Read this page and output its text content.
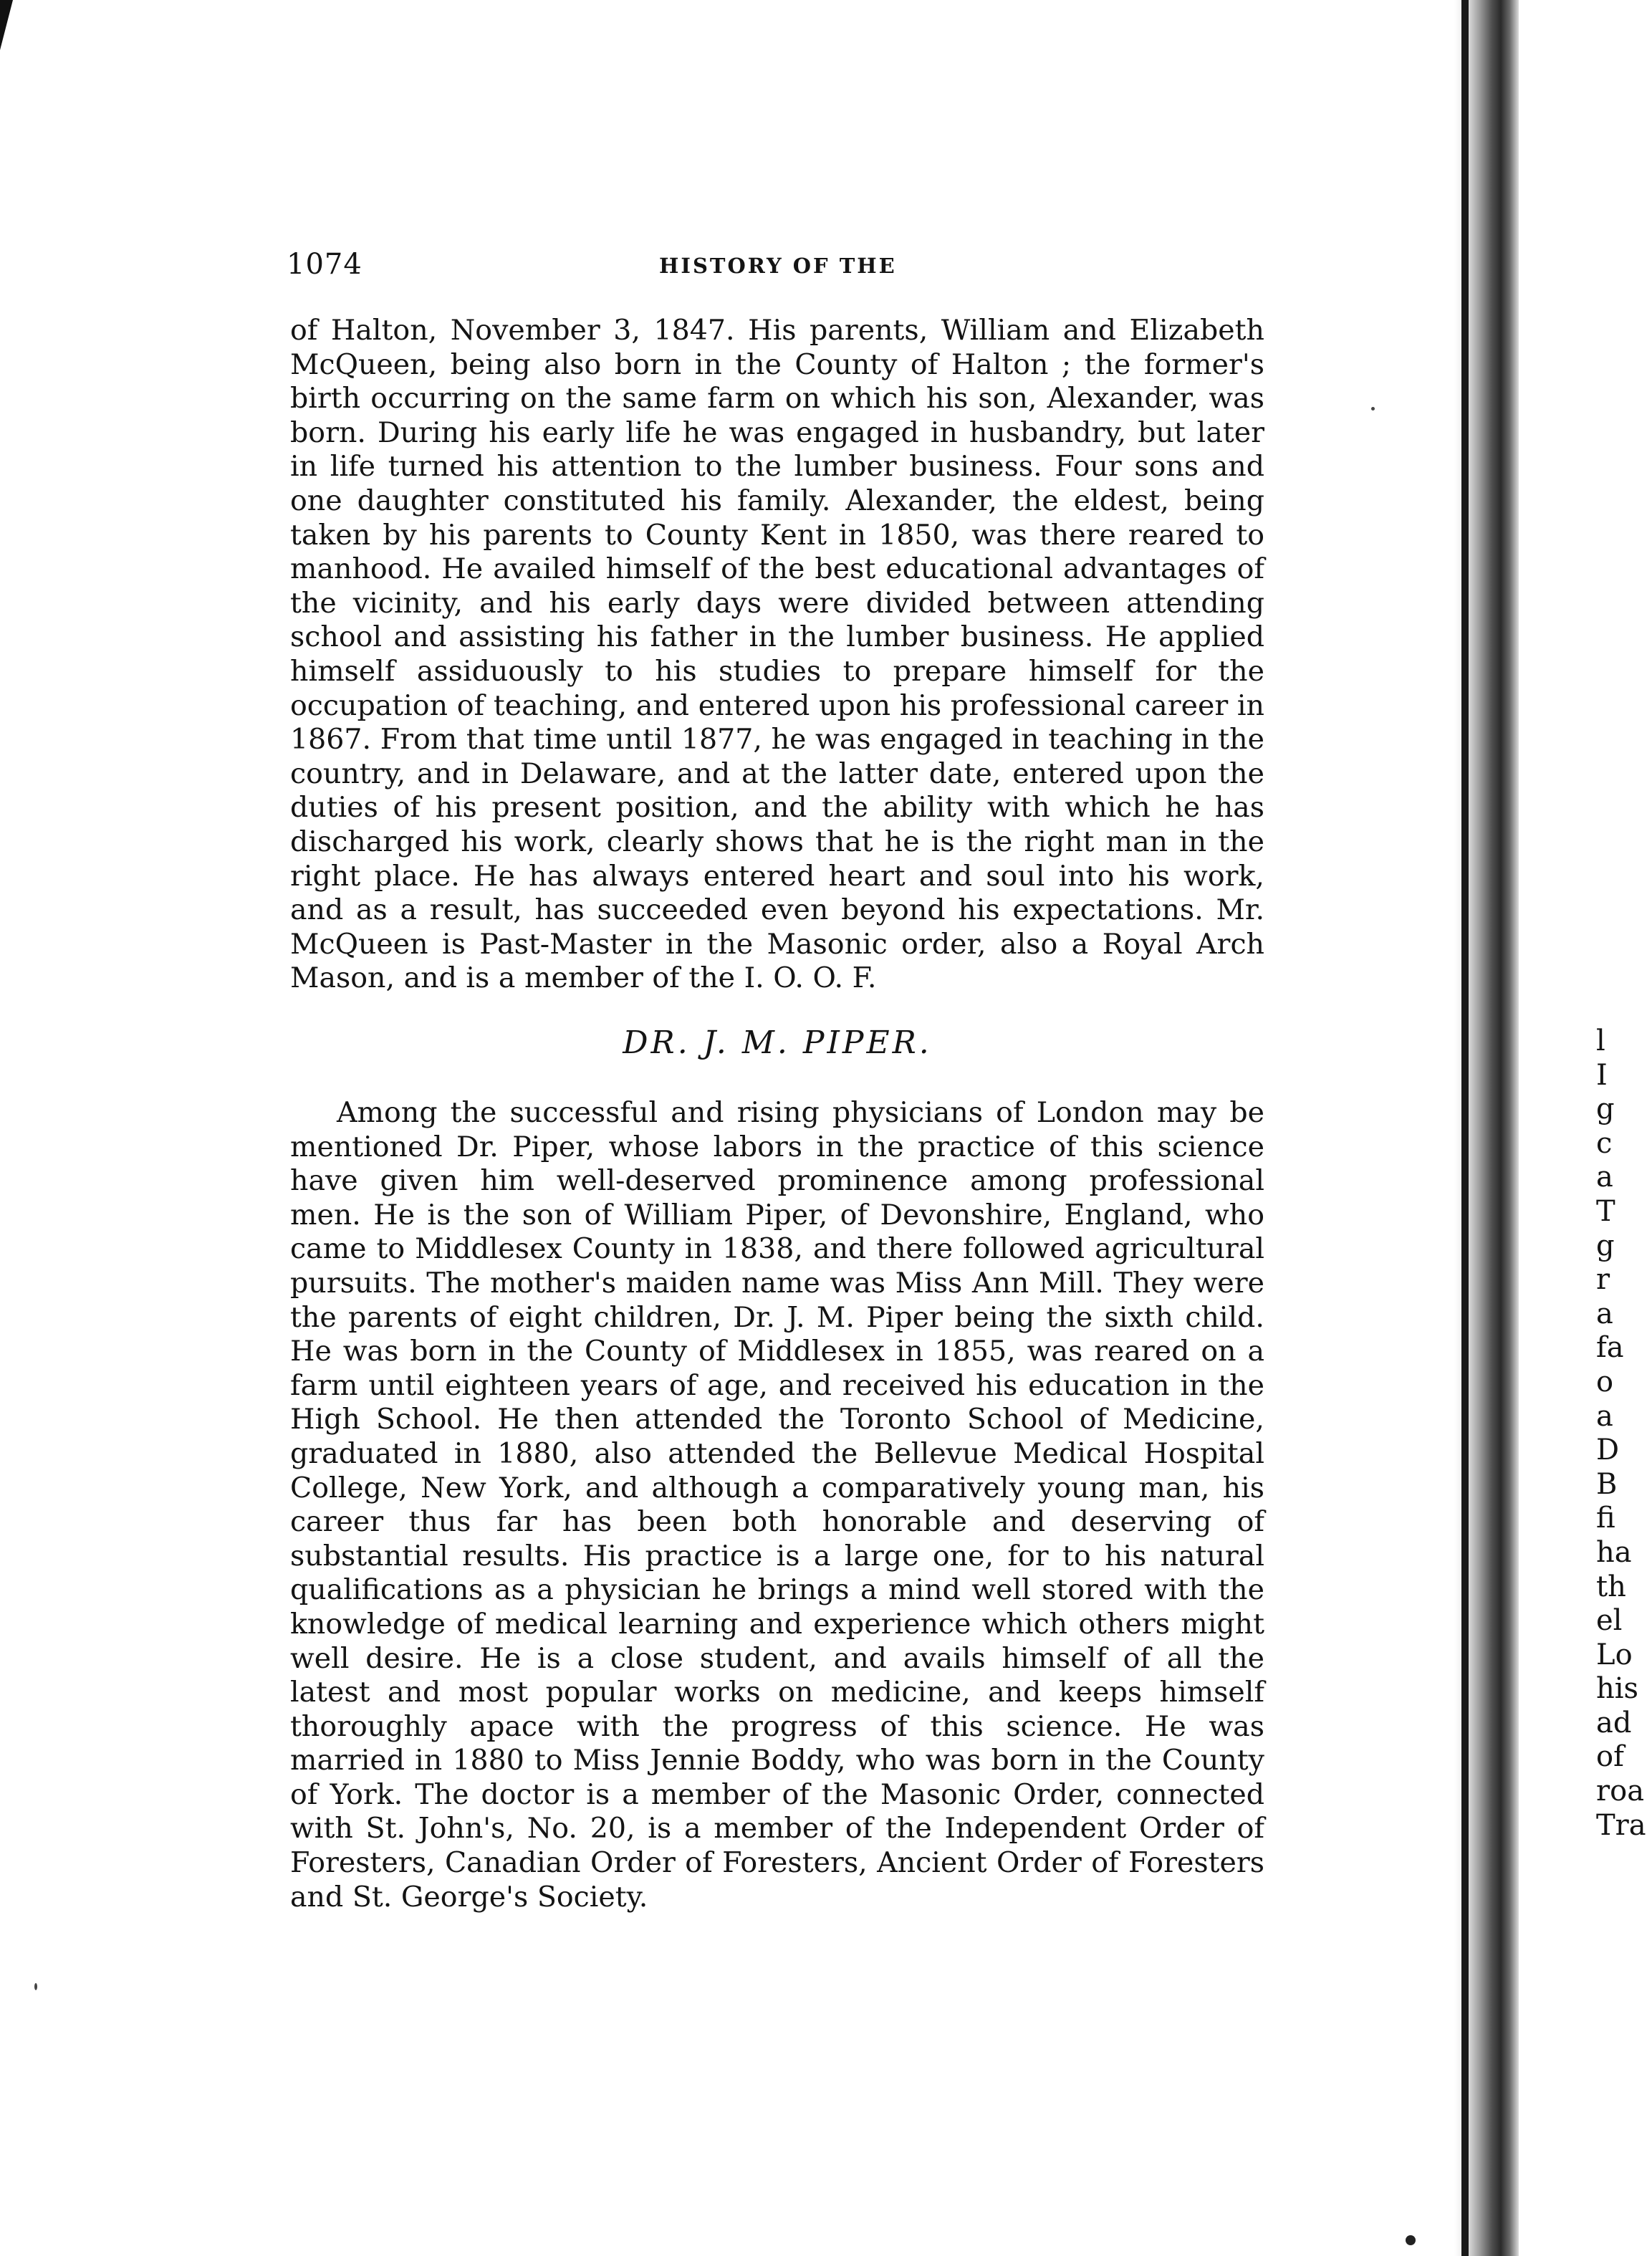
1074	HISTORY OF THE

of Halton, November 3, 1847. His parents, William and Elizabeth McQueen, being also born in the County of Halton ; the former's birth occurring on the same farm on which his son, Alexander, was born. During his early life he was engaged in husbandry, but later in life turned his attention to the lumber business. Four sons and one daughter constituted his family. Alexander, the eldest, being taken by his parents to County Kent in 1850, was there reared to manhood. He availed himself of the best educational advantages of the vicinity, and his early days were divided between attending school and assisting his father in the lumber business. He applied himself assiduously to his studies to prepare himself for the occupation of teaching, and entered upon his professional career in 1867. From that time until 1877, he was engaged in teaching in the country, and in Delaware, and at the latter date, entered upon the duties of his present position, and the ability with which he has discharged his work, clearly shows that he is the right man in the right place. He has always entered heart and soul into his work, and as a result, has succeeded even beyond his expectations. Mr. McQueen is Past-Master in the Masonic order, also a Royal Arch Mason, and is a member of the I. O. O. F.

DR. J. M. PIPER.

Among the successful and rising physicians of London may be mentioned Dr. Piper, whose labors in the practice of this science have given him well-deserved prominence among professional men. He is the son of William Piper, of Devonshire, England, who came to Middlesex County in 1838, and there followed agricultural pursuits. The mother's maiden name was Miss Ann Mill. They were the parents of eight children, Dr. J. M. Piper being the sixth child. He was born in the County of Middlesex in 1855, was reared on a farm until eighteen years of age, and received his education in the High School. He then attended the Toronto School of Medicine, graduated in 1880, also attended the Bellevue Medical Hospital College, New York, and although a comparatively young man, his career thus far has been both honorable and deserving of substantial results. His practice is a large one, for to his natural qualifications as a physician he brings a mind well stored with the knowledge of medical learning and experience which others might well desire. He is a close student, and avails himself of all the latest and most popular works on medicine, and keeps himself thoroughly apace with the progress of this science. He was married in 1880 to Miss Jennie Boddy, who was born in the County of York. The doctor is a member of the Masonic Order, connected with St. John's, No. 20, is a member of the Independent Order of Foresters, Canadian Order of Foresters, Ancient Order of Foresters and St. George's Society.

l
I
g
c
a
T
g
r
a
fa
o
a
D
B
fi
ha
th
el
Lo
his
ad
of
roa
Tra
